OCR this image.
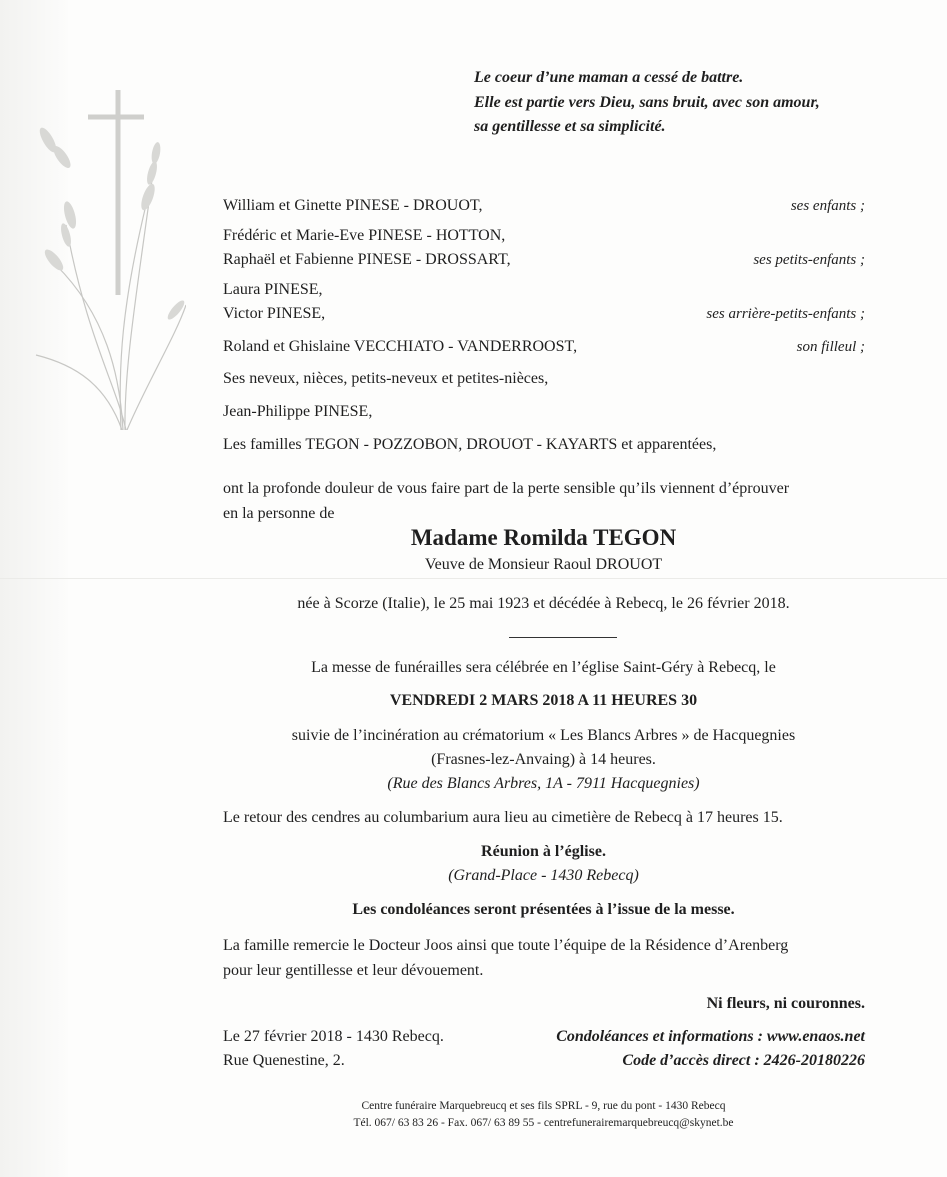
Le coeur d’une maman a cessé de battre.
Elle est partie vers Dieu, sans bruit, avec son amour,
sa gentillesse et sa simplicité.
William et Ginette PINESE - DROUOT,	ses enfants ;
Frédéric et Marie-Eve PINESE - HOTTON,
Raphaël et Fabienne PINESE - DROSSART,	ses petits-enfants ;
Laura PINESE,
Victor PINESE,	ses arrière-petits-enfants ;
Roland et Ghislaine VECCHIATO - VANDERROOST,	son filleul ;
Ses neveux, nièces, petits-neveux et petites-nièces,
Jean-Philippe PINESE,
Les familles TEGON - POZZOBON, DROUOT - KAYARTS et apparentées,
ont la profonde douleur de vous faire part de la perte sensible qu’ils viennent d’éprouver
en la personne de
Madame Romilda TEGON
Veuve de Monsieur Raoul DROUOT
née à Scorze (Italie), le 25 mai 1923 et décédée à Rebecq, le 26 février 2018.
La messe de funérailles sera célébrée en l’église Saint-Géry à Rebecq, le
VENDREDI 2 MARS 2018 A 11 HEURES 30
suivie de l’incinération au crématorium « Les Blancs Arbres » de Hacquegnies
(Frasnes-lez-Anvaing) à 14 heures.
(Rue des Blancs Arbres, 1A - 7911 Hacquegnies)
Le retour des cendres au columbarium aura lieu au cimetière de Rebecq à 17 heures 15.
Réunion à l’église.
(Grand-Place - 1430 Rebecq)
Les condoléances seront présentées à l’issue de la messe.
La famille remercie le Docteur Joos ainsi que toute l’équipe de la Résidence d’Arenberg
pour leur gentillesse et leur dévouement.
Ni fleurs, ni couronnes.
Le 27 février 2018 - 1430 Rebecq.
Rue Quenestine, 2.
Condoléances et informations : www.enaos.net
Code d’accès direct : 2426-20180226
Centre funéraire Marquebreucq et ses fils SPRL - 9, rue du pont - 1430 Rebecq
Tél. 067/ 63 83 26 - Fax. 067/ 63 89 55 - centrefunerairemarquebreucq@skynet.be
